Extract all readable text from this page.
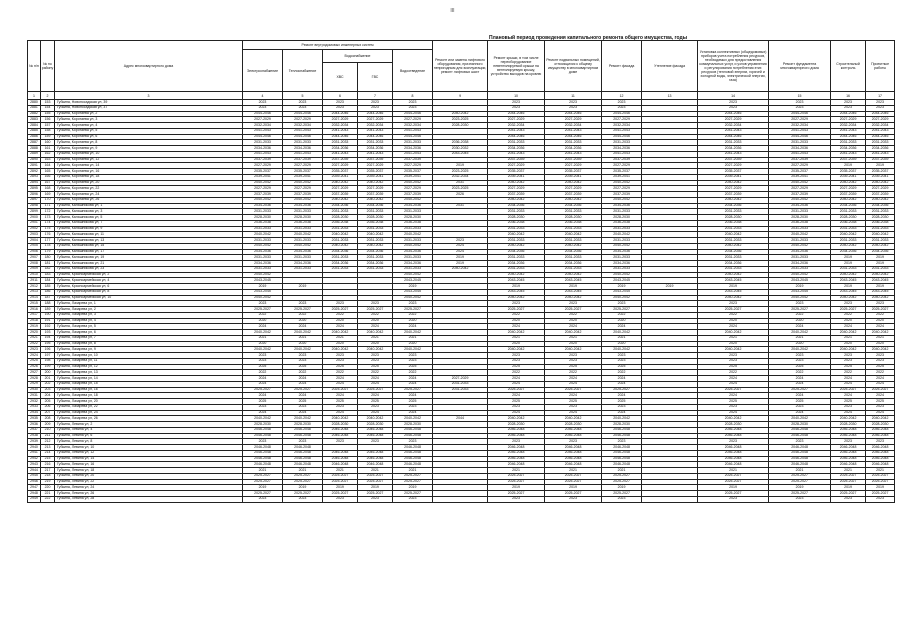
III
Плановый период проведения капитального ремонта общего имущества, годы
№ п/п	№ по району	Адрес многоквартирного дома	Ремонт внутридомовых инженерных систем					Ремонт или замена лифтового оборудования, признанного непригодным для эксплуатации, ремонт лифтовых шахт	Ремонт крыши, в том числе переоборудование невентилируемой крыши на вентилируемую крышу, устройство выходов на кровлю	Ремонт подвальных помещений, относящихся к общему имуществу в многоквартирном доме	Ремонт фасада	Утепление фасада	Установка коллективных (общедомовых) приборов учета потребления ресурсов, необходимых для предоставления коммунальных услуг, и узлов управления и регулирования потребления этих ресурсов (тепловой энергии, горячей и холодной воды, электрической энергии, газа)	Ремонт фундамента многоквартирного дома	Строительный контроль	Проектные работы
			Электроснабжение	Теплоснабжение	Водоснабжение		Водоотведение									
					ХВС	ГВС										
1	2	3	4	5	6	7	8	9	10	11	12	13	14	15	16	17
2880	153	Губкина, Новопосадская ул, 39	2023	2023	2023	2023	2023		2023	2023	2023		2023	2023	2023	2023
2881	154	Губкина, Новопосадская ул, 37	2023	2023	2023	2023	2023		2023	2023	2023		2023	2023	2023	2023
2882	155	Губкина, Коротаева ул, 2	2044-2046	2044-2046	2044-2046	2044-2046	2044-2046	2040-2042	2044-2046	2044-2046	2044-2046		2044-2046	2044-2046	2044-2046	2044-2046
2883	156	Губкина, Коротаева ул, 3	2027-2029	2027-2029	2027-2029	2027-2029	2027-2029	2023-2025	2027-2029	2027-2029	2027-2029		2027-2029	2027-2029	2027-2029	2027-2029
2884	157	Губкина, Коротаева ул, 4	2032-2034	2032-2034	2032-2034	2032-2034	2032-2034	2028-2030	2032-2034	2032-2034	2032-2034		2032-2034	2032-2034	2032-2034	2032-2034
2885	158	Губкина, Коротаева ул, 5	2041-2043	2041-2043	2041-2043	2041-2043	2041-2043		2041-2043	2041-2043	2041-2043		2041-2043	2041-2043	2041-2043	2041-2043
2886	159	Губкина, Коротаева ул, 6	2044-2046	2044-2046	2044-2046	2044-2046	2044-2046		2044-2046	2044-2046	2044-2046		2044-2046	2044-2046	2044-2046	2044-2046
2887	160	Губкина, Коротаева ул, 8	2031-2033	2031-2033	2031-2033	2031-2033	2031-2033	2036-2038	2031-2033	2031-2033	2031-2033		2031-2033	2031-2033	2031-2033	2031-2033
2888	161	Губкина, Коротаева ул, 9	2034-2036	2034-2036	2034-2036	2034-2036	2034-2036	2030-2032	2034-2036	2034-2036	2034-2036		2034-2036	2034-2036	2034-2036	2034-2036
2889	162	Губкина, Коротаева ул, 10	2041-2043	2041-2043	2041-2043	2041-2043	2041-2043	2043-2045	2041-2043	2041-2043	2041-2043		2041-2043	2041-2043	2041-2043	2041-2043
2890	163	Губкина, Коротаева ул, 12	2037-2039	2037-2039	2037-2039	2037-2039	2037-2039		2037-2039	2037-2039	2037-2039		2037-2039	2037-2039	2037-2039	2037-2039
2891	164	Губкина, Коротаева ул, 14	2027-2029	2027-2029	2027-2029	2027-2029	2027-2029	2019	2027-2029	2027-2029	2027-2029		2027-2029	2027-2029	2019	2019
2892	165	Губкина, Коротаева ул, 16	2035-2037	2035-2037	2035-2037	2035-2037	2035-2037	2023-2025	2035-2037	2035-2037	2035-2037		2035-2037	2035-2037	2035-2037	2035-2037
2893	166	Губкина, Коротаева ул, 18	2039-2041	2039-2041	2039-2041	2039-2041	2039-2041	2032-2034	2039-2041	2039-2041	2039-2041		2039-2041	2039-2041	2039-2041	2039-2041
2894	167	Губкина, Коротаева ул, 20	2040-2042	2040-2042	2040-2042	2040-2042	2040-2042	2031	2040-2042	2040-2042	2040-2042		2040-2042	2040-2042	2040-2042	2040-2042
2895	168	Губкина, Коротаева ул, 22	2027-2029	2027-2029	2027-2029	2027-2029	2027-2029	2023-2025	2027-2029	2027-2029	2027-2029		2027-2029	2027-2029	2027-2029	2027-2029
2896	169	Губкина, Коротаева ул, 24	2037-2039	2037-2039	2037-2039	2037-2039	2037-2039	2026	2037-2039	2037-2039	2037-2039		2037-2039	2037-2039	2037-2039	2037-2039
2897	170	Губкина, Коротаева ул, 26	2040-2042	2040-2042	2040-2042	2040-2042	2040-2042		2040-2042	2040-2042	2040-2042		2040-2042	2040-2042	2040-2042	2040-2042
2898	171	Губкина, Калашникова ул, 1	2034-2036	2034-2036	2034-2036	2034-2036	2034-2036	2031	2034-2036	2034-2036	2034-2036		2034-2036	2034-2036	2034-2036	2034-2036
2899	172	Губкина, Калашникова ул, 3	2031-2033	2031-2033	2031-2033	2031-2033	2031-2033		2031-2033	2031-2033	2031-2033		2031-2033	2031-2033	2031-2033	2031-2033
2900	173	Губкина, Калашникова ул, 5	2028-2030	2028-2030	2028-2030	2028-2030	2028-2030		2028-2030	2028-2030	2028-2030		2028-2030	2028-2030	2028-2030	2028-2030
2901	174	Губкина, Калашникова ул, 7	2036-2038	2036-2038	2036-2038	2036-2038	2036-2038		2036-2038	2036-2038	2036-2038		2036-2038	2036-2038	2036-2038	2036-2038
2902	175	Губкина, Калашникова ул, 9	2031-2033	2031-2033	2031-2033	2031-2033	2031-2033		2031-2033	2031-2033	2031-2033		2031-2033	2031-2033	2031-2033	2031-2033
2903	176	Губкина, Калашникова ул, 11	2040-2042	2040-2042	2040-2042	2040-2042	2040-2042		2040-2042	2040-2042	2040-2042		2040-2042	2040-2042	2040-2042	2040-2042
2904	177	Губкина, Калашникова ул, 13	2031-2033	2031-2033	2031-2033	2031-2033	2031-2033	2023	2031-2033	2031-2033	2031-2033		2031-2033	2031-2033	2031-2033	2031-2033
2905	178	Губкина, Калашникова ул, 15	2040-2042	2040-2042	2040-2042	2040-2042	2040-2042	2024	2040-2042	2040-2042	2040-2042		2040-2042	2040-2042	2040-2042	2040-2042
2906	179	Губкина, Калашникова ул, 17	2034-2036	2034-2036	2034-2036	2034-2036	2034-2036	2024	2034-2036	2034-2036	2034-2036		2034-2036	2034-2036	2034-2036	2034-2036
2907	180	Губкина, Калашникова ул, 19	2031-2033	2031-2033	2031-2033	2031-2033	2031-2033	2019	2031-2033	2031-2033	2031-2033		2031-2033	2031-2033	2019	2019
2908	181	Губкина, Калашникова ул, 21	2034-2036	2034-2036	2034-2036	2034-2036	2034-2036	2019	2034-2036	2034-2036	2034-2036		2034-2036	2034-2036	2019	2019
2909	182	Губкина, Калашникова ул, 23	2031-2033	2031-2033	2031-2033	2031-2033	2031-2033	2040-2042	2031-2033	2031-2033	2031-2033		2031-2033	2031-2033	2031-2033	2031-2033
2910	183	Губкина, Красноармейская ул, 2	2040-2042				2040-2042		2040-2042	2040-2042	2040-2042		2040-2042	2040-2042	2040-2042	2040-2042
2911	184	Губкина, Красноармейская ул, 4	2043-2045				2043-2045		2043-2045	2043-2045	2043-2045		2043-2045	2043-2045	2043-2045	2043-2045
2912	185	Губкина, Красноармейская ул, 6	2019	2019			2019		2019	2019	2019	2019	2019	2019	2019	2019
2913	186	Губкина, Красноармейская ул, 8	2043-2045				2043-2045		2043-2045	2043-2045	2043-2045		2043-2045	2043-2045	2043-2045	2043-2045
2914	187	Губкина, Красноармейская ул, 10	2040-2042				2040-2042		2040-2042	2040-2042	2040-2042		2040-2042	2040-2042	2040-2042	2040-2042
2915	188	Губкина, Лазарева ул, 1	2023	2023	2023	2023	2023		2023	2023	2023		2023	2023	2023	2023
2916	189	Губкина, Лазарева ул, 2	2025-2027	2025-2027	2025-2027	2025-2027	2025-2027		2025-2027	2025-2027	2025-2027		2025-2027	2025-2027	2025-2027	2025-2027
2917	190	Губкина, Лазарева ул, 3	2022	2022	2022	2022	2022		2022	2022	2022		2022	2022	2022	2022
2918	191	Губкина, Лазарева ул, 4	2020	2020	2020	2020	2020		2020	2020	2020		2020	2020	2020	2020
2919	192	Губкина, Лазарева ул, 5	2024	2024	2024	2024	2024		2024	2024	2024		2024	2024	2024	2024
2920	193	Губкина, Лазарева ул, 6	2040-2042	2040-2042	2040-2042	2040-2042	2040-2042		2040-2042	2040-2042	2040-2042		2040-2042	2040-2042	2040-2042	2040-2042
2921	194	Губкина, Лазарева ул, 7	2021	2021	2021	2021	2021		2021	2021	2021		2021	2021	2021	2021
2922	195	Губкина, Лазарева ул, 8	2020	2020	2020	2020	2020		2020	2020	2020		2020	2020	2020	2020
2923	196	Губкина, Лазарева ул, 9	2040-2042	2040-2042	2040-2042	2040-2042	2040-2042		2040-2042	2040-2042	2040-2042		2040-2042	2040-2042	2040-2042	2040-2042
2924	197	Губкина, Лазарева ул, 10	2023	2023	2023	2023	2023		2023	2023	2023		2023	2023	2023	2023
2925	198	Губкина, Лазарева ул, 11	2023	2023	2023	2023	2023		2023	2023	2023		2023	2023	2023	2023
2926	199	Губкина, Лазарева ул, 12	2025	2025	2025	2025	2025		2025	2025	2025		2025	2025	2025	2025
2927	200	Губкина, Лазарева ул, 13	2022	2022	2022	2022	2022		2022	2022	2022		2022	2022	2022	2022
2928	201	Губкина, Лазарева ул, 14	2024	2024	2024	2024	2024	2027-2029	2024	2024	2024		2024	2024	2024	2024
2929	202	Губкина, Лазарева ул, 15	2024	2024	2024	2024	2024	2031-2033	2024	2024	2024		2024	2024	2024	2024
2930	203	Губкина, Лазарева ул, 16	2025-2027	2025-2027	2025-2027	2025-2027	2025-2027	2031-2033	2025-2027	2025-2027	2025-2027		2025-2027	2025-2027	2025-2027	2025-2027
2931	204	Губкина, Лазарева ул, 18	2024	2024	2024	2024	2024		2024	2024	2024		2024	2024	2024	2024
2932	205	Губкина, Лазарева ул, 20	2025	2025	2025	2025	2025		2025	2025	2025		2025	2025	2025	2025
2933	206	Губкина, Лазарева ул, 22	2023	2023	2023	2023	2023		2023	2023	2023		2023	2023	2023	2023
2934	207	Губкина, Лазарева ул, 24	2024	2024	2024	2024	2024		2024	2024	2024		2024	2024	2024	2024
2935	208	Губкина, Лазарева ул, 26	2040-2042	2040-2042	2040-2042	2040-2042	2040-2042	2044	2040-2042	2040-2042	2040-2042		2040-2042	2040-2042	2040-2042	2040-2042
2936	209	Губкина, Левина ул, 2	2028-2030	2028-2030	2028-2030	2028-2030	2028-2030		2028-2030	2028-2030	2028-2030		2028-2030	2028-2030	2028-2030	2028-2030
2937	210	Губкина, Левина ул, 4	2046-2048	2046-2048	2046-2048	2046-2048	2046-2048		2046-2048	2046-2048	2046-2048		2046-2048	2046-2048	2046-2048	2046-2048
2938	211	Губкина, Левина ул, 6	2046-2048	2046-2048	2046-2048	2046-2048	2046-2048		2046-2048	2046-2048	2046-2048		2046-2048	2046-2048	2046-2048	2046-2048
2939	212	Губкина, Левина ул, 8	2023	2023	2023	2023	2023		2023	2023	2023		2023	2023	2023	2023
2940	213	Губкина, Левина ул, 10	2046-2048	2046-2048			2046-2048		2046-2048	2046-2048	2046-2048		2046-2048	2046-2048	2046-2048	2046-2048
2941	214	Губкина, Левина ул, 12	2046-2048	2046-2048	2046-2048	2046-2048	2046-2048		2046-2048	2046-2048	2046-2048		2046-2048	2046-2048	2046-2048	2046-2048
2942	215	Губкина, Левина ул, 14	2046-2048	2046-2048	2046-2048	2046-2048	2046-2048		2046-2048	2046-2048	2046-2048		2046-2048	2046-2048	2046-2048	2046-2048
2943	216	Губкина, Левина ул, 16	2046-2048	2046-2048	2046-2048	2046-2048	2046-2048		2046-2048	2046-2048	2046-2048		2046-2048	2046-2048	2046-2048	2046-2048
2944	217	Губкина, Левина ул, 18	2021	2021	2021	2021	2021		2021	2021	2021		2021	2021	2021	2021
2945	218	Губкина, Левина ул, 20	2025-2027	2025-2027	2025-2027	2025-2027	2025-2027		2025-2027	2025-2027	2025-2027		2025-2027	2025-2027	2025-2027	2025-2027
2946	219	Губкина, Левина ул, 22	2025-2027	2025-2027	2025-2027	2025-2027	2025-2027		2025-2027	2025-2027	2025-2027		2025-2027	2025-2027	2025-2027	2025-2027
2947	220	Губкина, Левина ул, 24	2019	2019	2019	2019	2019		2019	2019	2019		2019	2019	2019	2019
2948	221	Губкина, Левина ул, 26	2025-2027	2025-2027	2025-2027	2025-2027	2025-2027		2025-2027	2025-2027	2025-2027		2025-2027	2025-2027	2025-2027	2025-2027
2949	222	Губкина, Левина ул, 28	2023	2023	2023	2023	2023		2023	2023	2023		2023	2023	2023	2023
